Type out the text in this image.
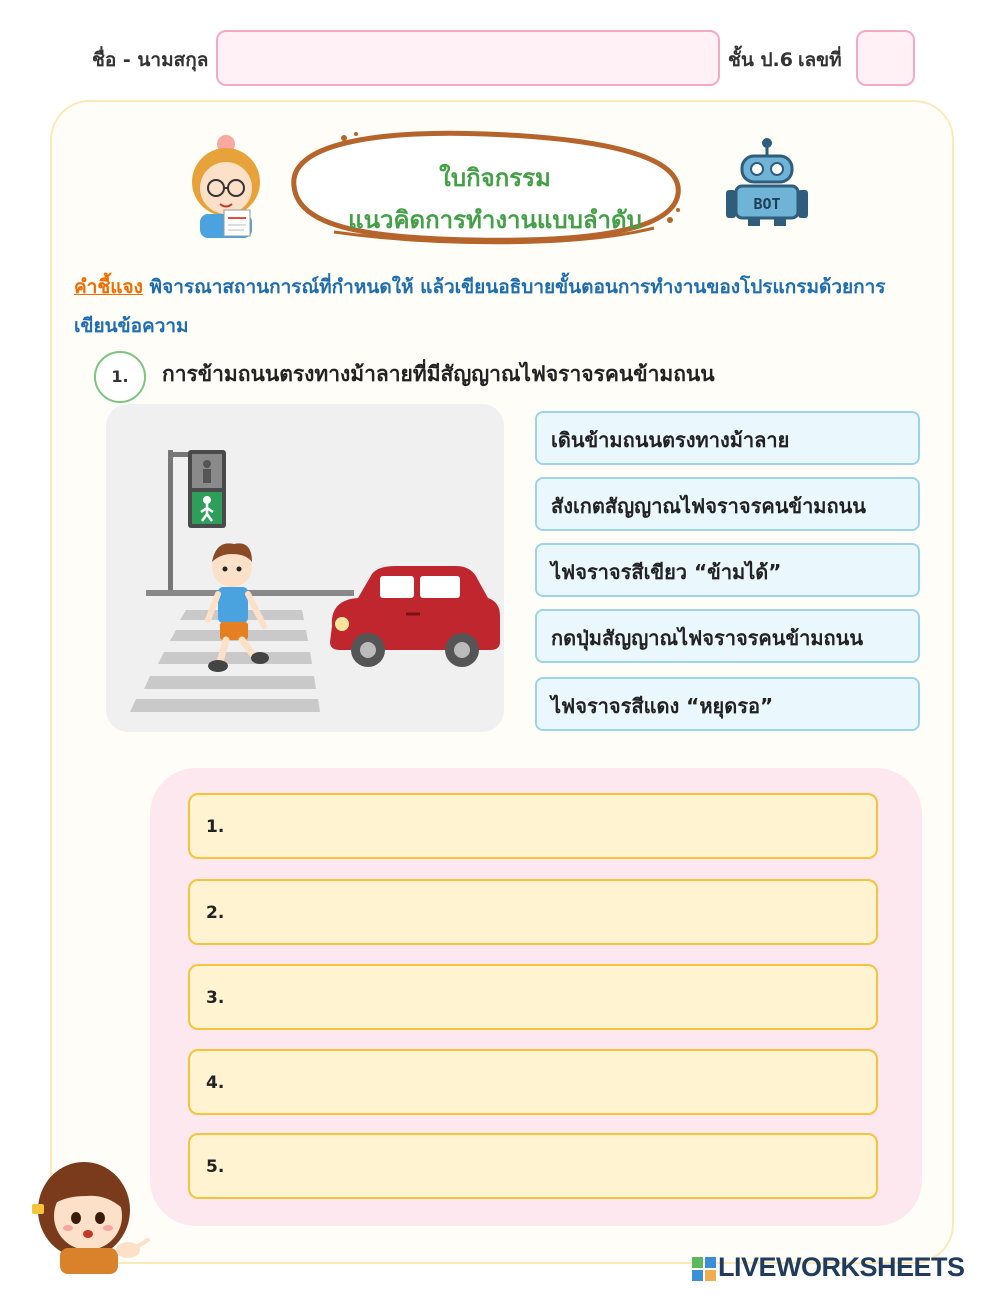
ชื่อ - นามสกุล	ชั้น ป.6 เลขที่
ใบกิจกรรม
แนวคิดการทำงานแบบลำดับ
BOT
คำชี้แจง พิจารณาสถานการณ์ที่กำหนดให้ แล้วเขียนอธิบายขั้นตอนการทำงานของโปรแกรมด้วยการเขียนข้อความ
1.	การข้ามถนนตรงทางม้าลายที่มีสัญญาณไฟจราจรคนข้ามถนน
เดินข้ามถนนตรงทางม้าลาย
สังเกตสัญญาณไฟจราจรคนข้ามถนน
ไฟจราจรสีเขียว “ข้ามได้”
กดปุ่มสัญญาณไฟจราจรคนข้ามถนน
ไฟจราจรสีแดง “หยุดรอ”
1.
2.
3.
4.
5.
LIVEWORKSHEETS
